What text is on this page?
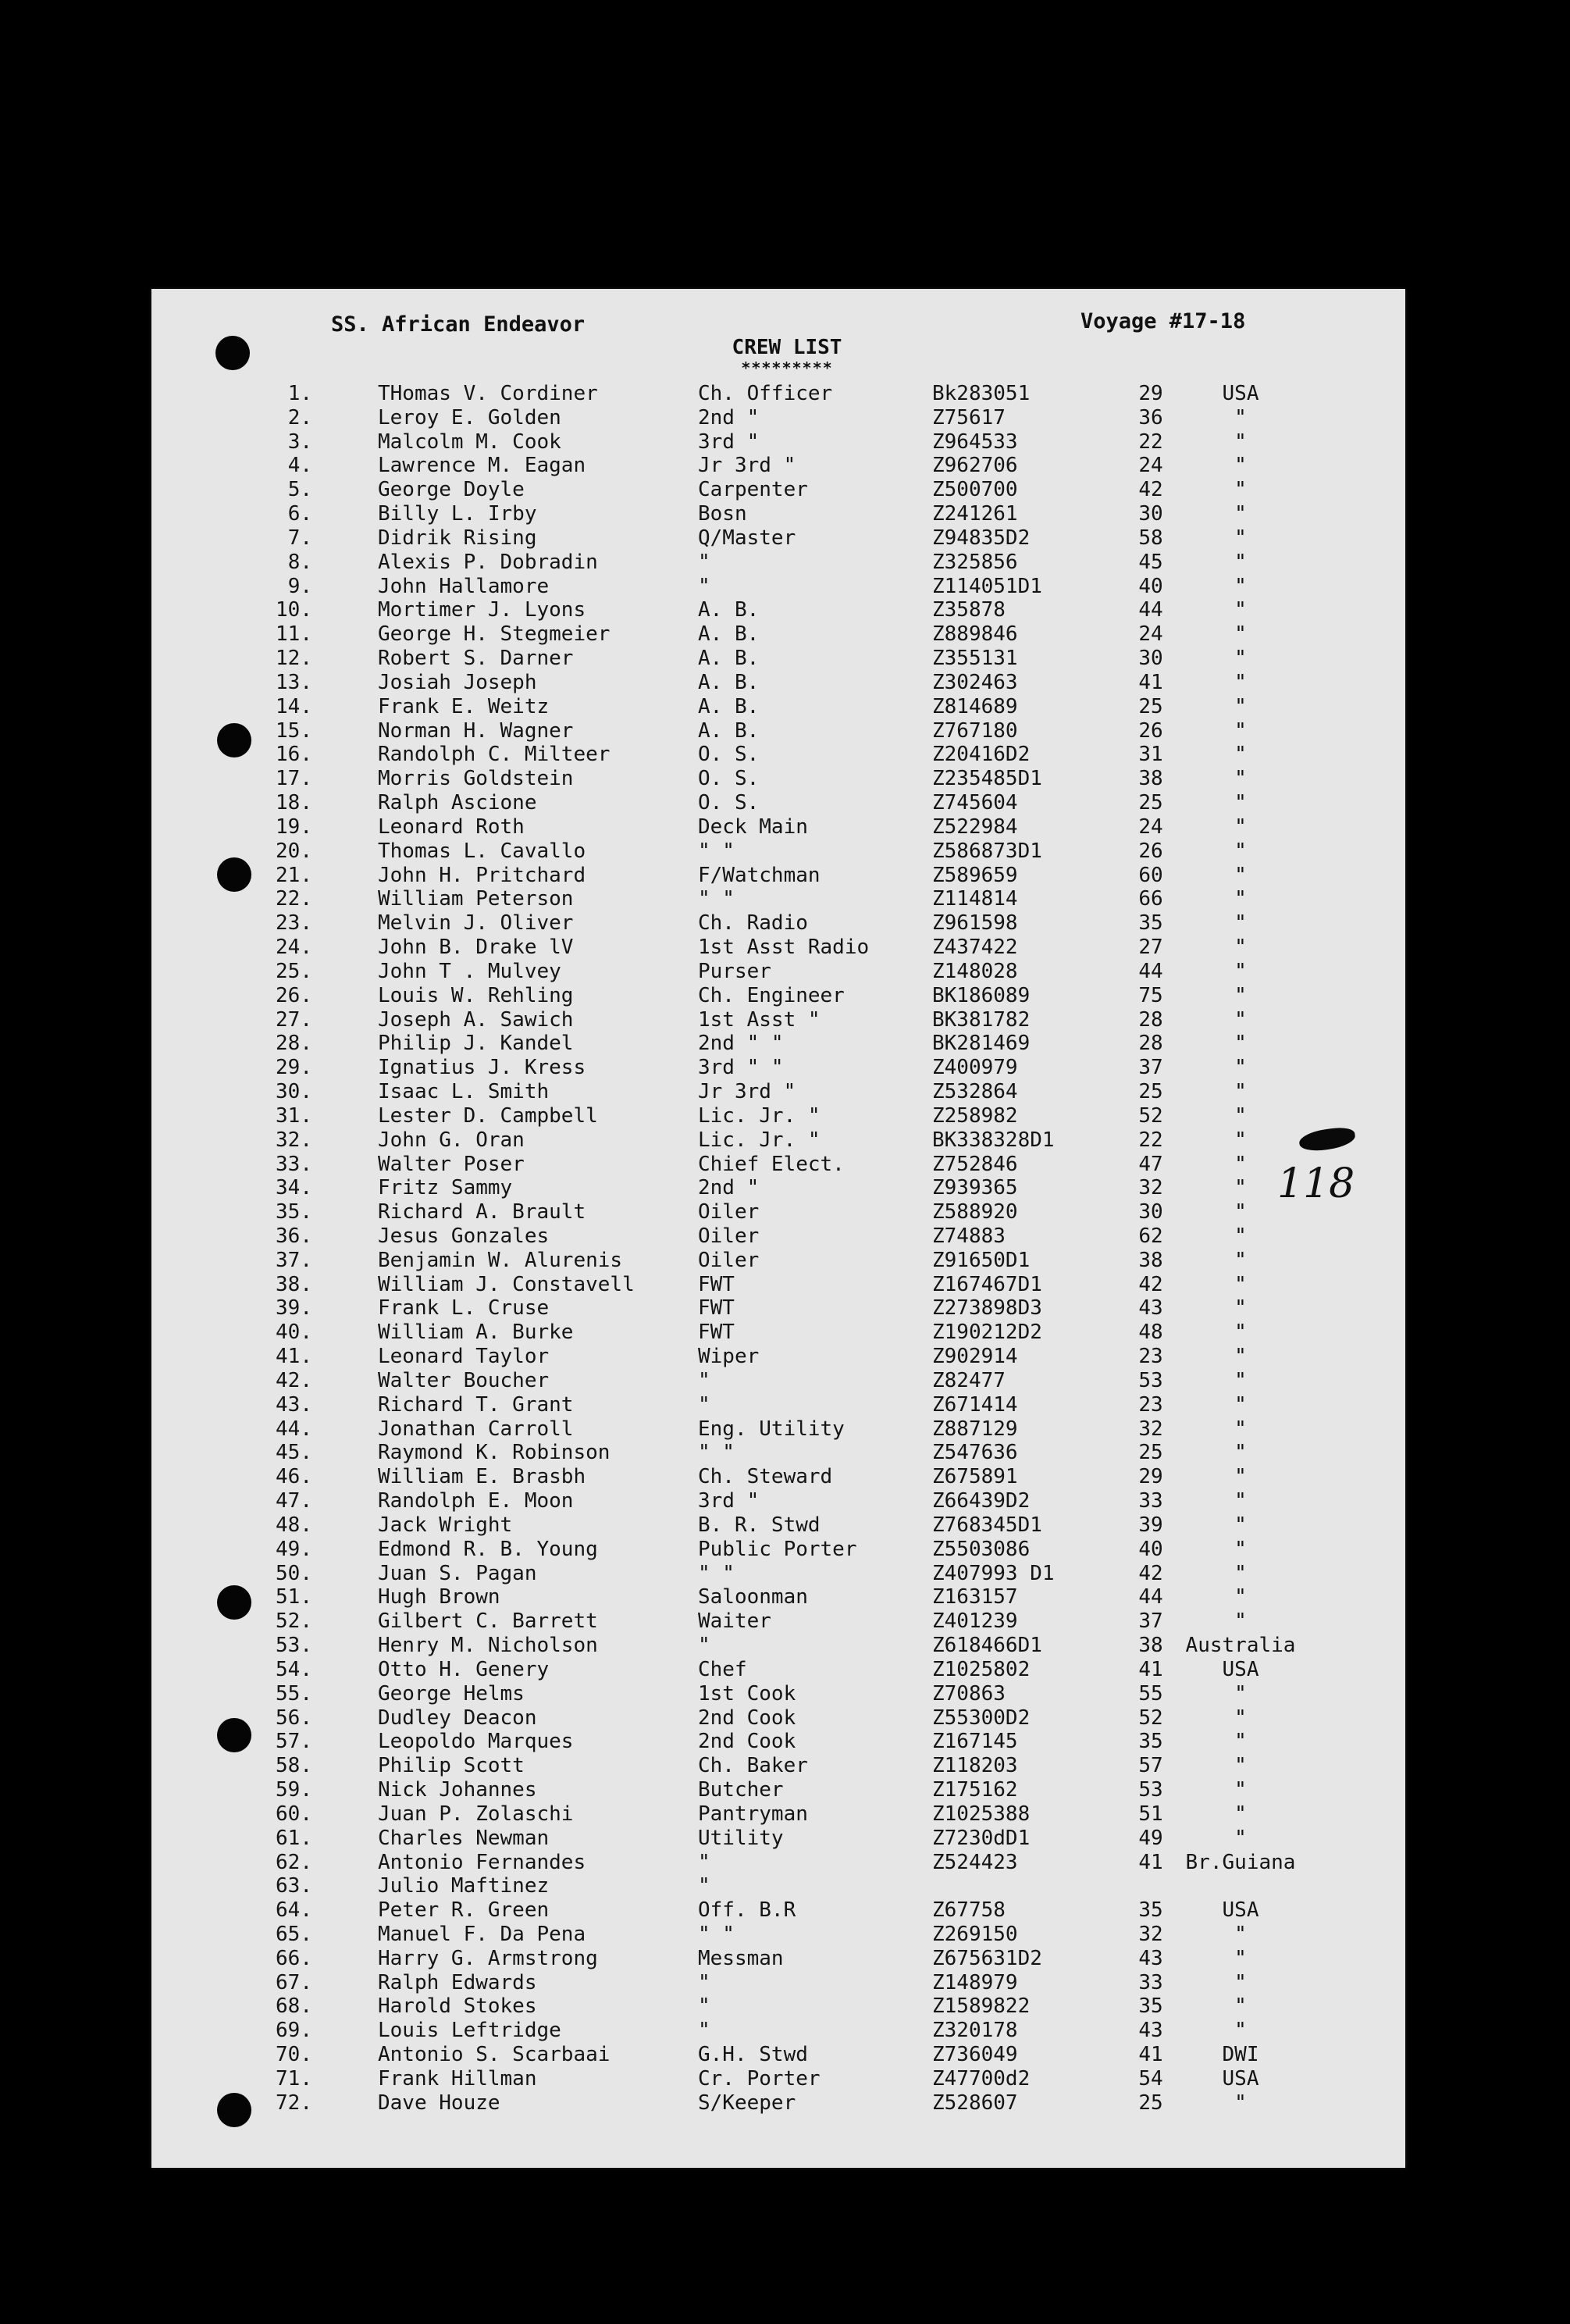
SS. African Endeavor	Voyage #17-18
CREW LIST
*********
1.	THomas V. Cordiner	Ch. Officer	Bk283051	29	USA
2.	Leroy E. Golden	2nd "	Z75617	36	"
3.	Malcolm M. Cook	3rd "	Z964533	22	"
4.	Lawrence M. Eagan	Jr 3rd "	Z962706	24	"
5.	George Doyle	Carpenter	Z500700	42	"
6.	Billy L. Irby	Bosn	Z241261	30	"
7.	Didrik Rising	Q/Master	Z94835D2	58	"
8.	Alexis P. Dobradin	"	Z325856	45	"
9.	John Hallamore	"	Z114051D1	40	"
10.	Mortimer J. Lyons	A. B.	Z35878	44	"
11.	George H. Stegmeier	A. B.	Z889846	24	"
12.	Robert S. Darner	A. B.	Z355131	30	"
13.	Josiah Joseph	A. B.	Z302463	41	"
14.	Frank E. Weitz	A. B.	Z814689	25	"
15.	Norman H. Wagner	A. B.	Z767180	26	"
16.	Randolph C. Milteer	O. S.	Z20416D2	31	"
17.	Morris Goldstein	O. S.	Z235485D1	38	"
18.	Ralph Ascione	O. S.	Z745604	25	"
19.	Leonard Roth	Deck Main	Z522984	24	"
20.	Thomas L. Cavallo	" "	Z586873D1	26	"
21.	John H. Pritchard	F/Watchman	Z589659	60	"
22.	William Peterson	" "	Z114814	66	"
23.	Melvin J. Oliver	Ch. Radio	Z961598	35	"
24.	John B. Drake lV	1st Asst Radio	Z437422	27	"
25.	John T . Mulvey	Purser	Z148028	44	"
26.	Louis W. Rehling	Ch. Engineer	BK186089	75	"
27.	Joseph A. Sawich	1st Asst "	BK381782	28	"
28.	Philip J. Kandel	2nd " "	BK281469	28	"
29.	Ignatius J. Kress	3rd " "	Z400979	37	"
30.	Isaac L. Smith	Jr 3rd "	Z532864	25	"
31.	Lester D. Campbell	Lic. Jr. "	Z258982	52	"
32.	John G. Oran	Lic. Jr. "	BK338328D1	22	"
33.	Walter Poser	Chief Elect.	Z752846	47	"
34.	Fritz Sammy	2nd "	Z939365	32	"
35.	Richard A. Brault	Oiler	Z588920	30	"
36.	Jesus Gonzales	Oiler	Z74883	62	"
37.	Benjamin W. Alurenis	Oiler	Z91650D1	38	"
38.	William J. Constavell	FWT	Z167467D1	42	"
39.	Frank L. Cruse	FWT	Z273898D3	43	"
40.	William A. Burke	FWT	Z190212D2	48	"
41.	Leonard Taylor	Wiper	Z902914	23	"
42.	Walter Boucher	"	Z82477	53	"
43.	Richard T. Grant	"	Z671414	23	"
44.	Jonathan Carroll	Eng. Utility	Z887129	32	"
45.	Raymond K. Robinson	" "	Z547636	25	"
46.	William E. Brasbh	Ch. Steward	Z675891	29	"
47.	Randolph E. Moon	3rd "	Z66439D2	33	"
48.	Jack Wright	B. R. Stwd	Z768345D1	39	"
49.	Edmond R. B. Young	Public Porter	Z5503086	40	"
50.	Juan S. Pagan	" "	Z407993 D1	42	"
51.	Hugh Brown	Saloonman	Z163157	44	"
52.	Gilbert C. Barrett	Waiter	Z401239	37	"
53.	Henry M. Nicholson	"	Z618466D1	38	Australia
54.	Otto H. Genery	Chef	Z1025802	41	USA
55.	George Helms	1st Cook	Z70863	55	"
56.	Dudley Deacon	2nd Cook	Z55300D2	52	"
57.	Leopoldo Marques	2nd Cook	Z167145	35	"
58.	Philip Scott	Ch. Baker	Z118203	57	"
59.	Nick Johannes	Butcher	Z175162	53	"
60.	Juan P. Zolaschi	Pantryman	Z1025388	51	"
61.	Charles Newman	Utility	Z7230dD1	49	"
62.	Antonio Fernandes	"	Z524423	41	Br.Guiana
63.	Julio Maftinez	"
64.	Peter R. Green	Off. B.R	Z67758	35	USA
65.	Manuel F. Da Pena	" "	Z269150	32	"
66.	Harry G. Armstrong	Messman	Z675631D2	43	"
67.	Ralph Edwards	"	Z148979	33	"
68.	Harold Stokes	"	Z1589822	35	"
69.	Louis Leftridge	"	Z320178	43	"
70.	Antonio S. Scarbaai	G.H. Stwd	Z736049	41	DWI
71.	Frank Hillman	Cr. Porter	Z47700d2	54	USA
72.	Dave Houze	S/Keeper	Z528607	25	"
118
